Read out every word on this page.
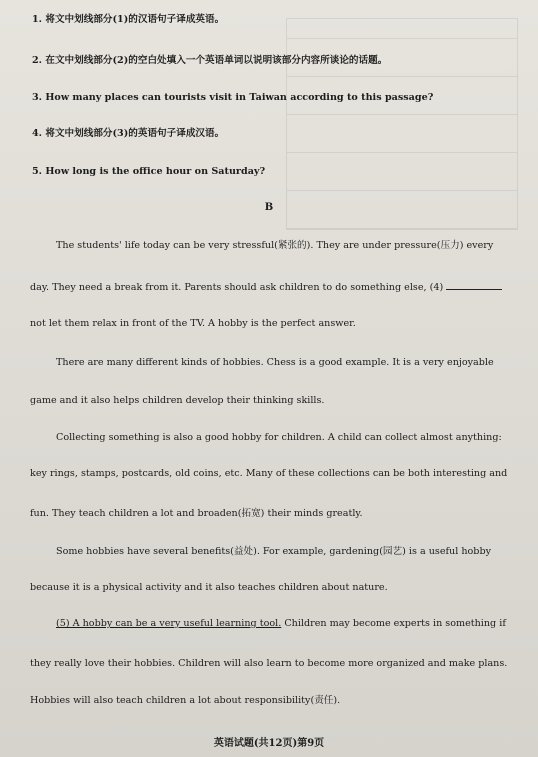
1. 将文中划线部分(1)的汉语句子译成英语。
2. 在文中划线部分(2)的空白处填入一个英语单词以说明该部分内容所谈论的话题。
3. How many places can tourists visit in Taiwan according to this passage?
4. 将文中划线部分(3)的英语句子译成汉语。
5. How long is the office hour on Saturday?
B
The students' life today can be very stressful(紧张的). They are under pressure(压力) every
day. They need a break from it. Parents should ask children to do something else, (4)
not let them relax in front of the TV. A hobby is the perfect answer.
There are many different kinds of hobbies. Chess is a good example. It is a very enjoyable
game and it also helps children develop their thinking skills.
Collecting something is also a good hobby for children. A child can collect almost anything:
key rings, stamps, postcards, old coins, etc. Many of these collections can be both interesting and
fun. They teach children a lot and broaden(拓宽) their minds greatly.
Some hobbies have several benefits(益处). For example, gardening(园艺) is a useful hobby
because it is a physical activity and it also teaches children about nature.
(5) A hobby can be a very useful learning tool. Children may become experts in something if
they really love their hobbies. Children will also learn to become more organized and make plans.
Hobbies will also teach children a lot about responsibility(责任).
英语试题(共12页)第9页
